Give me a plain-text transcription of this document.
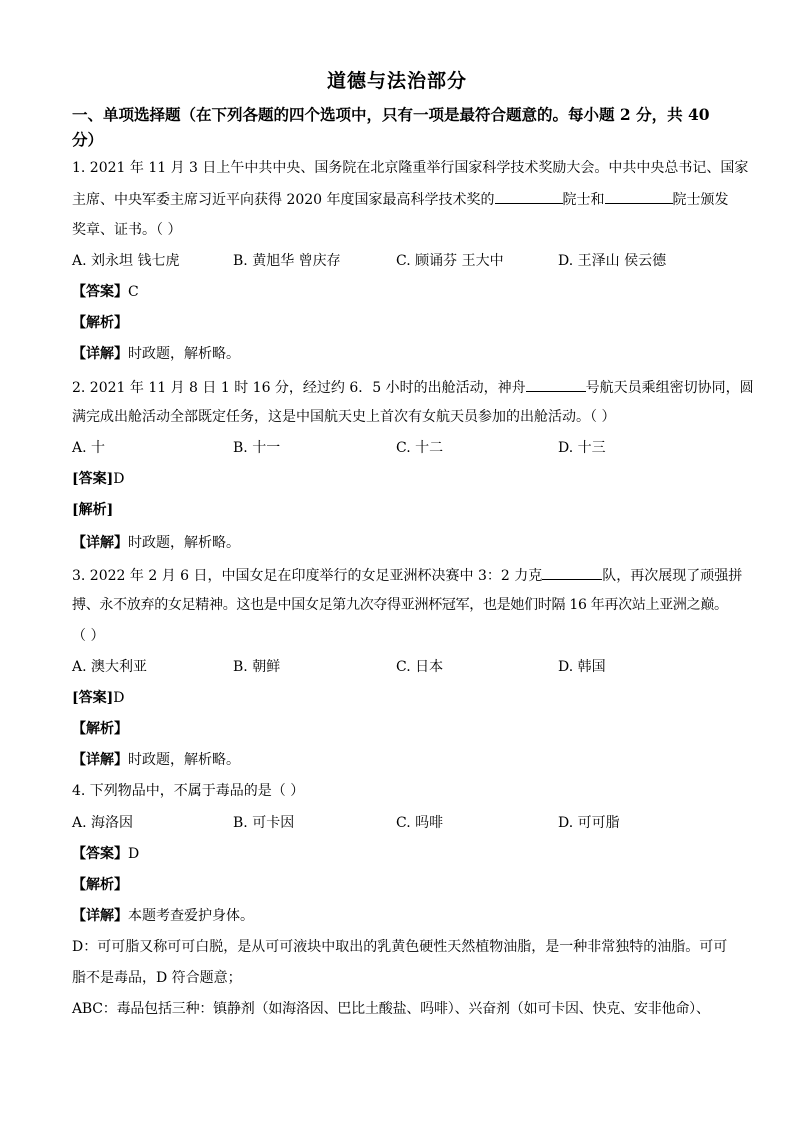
道德与法治部分
一、单项选择题（在下列各题的四个选项中，只有一项是最符合题意的。每小题 2 分，共 40
分）
1. 2021 年 11 月 3 日上午中共中央、国务院在北京隆重举行国家科学技术奖励大会。中共中央总书记、国家
主席、中央军委主席习近平向获得 2020 年度国家最高科学技术奖的	院士和	院士颁发
奖章、证书。（ ）
A. 刘永坦 钱七虎	B. 黄旭华 曾庆存	C. 顾诵芬 王大中	D. 王泽山 侯云德
【答案】C
【解析】
【详解】时政题，解析略。
2. 2021 年 11 月 8 日 1 时 16 分，经过约 6．5 小时的出舱活动，神舟	号航天员乘组密切协同，圆
满完成出舱活动全部既定任务，这是中国航天史上首次有女航天员参加的出舱活动。（ ）
A. 十	B. 十一	C. 十二	D. 十三
[答案]D
[解析]
【详解】时政题，解析略。
3. 2022 年 2 月 6 日，中国女足在印度举行的女足亚洲杯决赛中 3：2 力克	队，再次展现了顽强拼
搏、永不放弃的女足精神。这也是中国女足第九次夺得亚洲杯冠军，也是她们时隔 16 年再次站上亚洲之巅。
（ ）
A. 澳大利亚	B. 朝鲜	C. 日本	D. 韩国
[答案]D
【解析】
【详解】时政题，解析略。
4. 下列物品中，不属于毒品的是（ ）
A. 海洛因	B. 可卡因	C. 吗啡	D. 可可脂
【答案】D
【解析】
【详解】本题考查爱护身体。
D：可可脂又称可可白脱，是从可可液块中取出的乳黄色硬性天然植物油脂，是一种非常独特的油脂。可可
脂不是毒品，D 符合题意；
ABC：毒品包括三种：镇静剂（如海洛因、巴比土酸盐、吗啡）、兴奋剂（如可卡因、快克、安非他命）、
